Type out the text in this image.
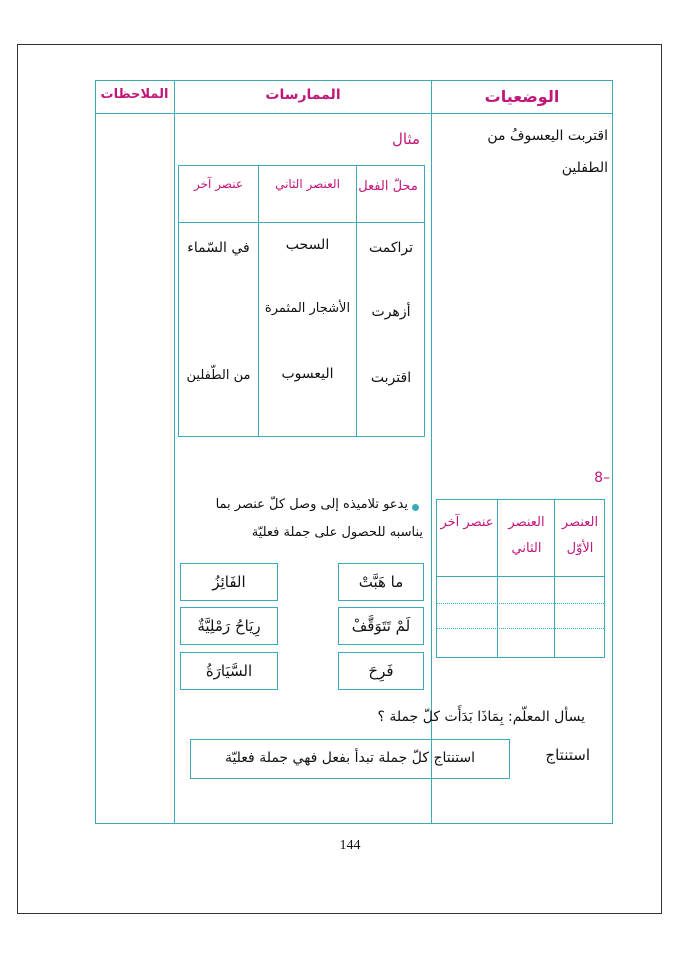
الوضعيات
الممارسات
الملاحظات
اقتربت اليعسوفُ من
الطفلين
مثال
محلّ الفعل
العنصر الثاني
عنصر آخر
تراكمت
السحب
في السّماء
أزهرت
الأشجار المثمرة
اقتربت
اليعسوب
من الطّفلين
8–
العنصر الأوّل
العنصر الثاني
عنصر آخر
يدعو تلاميذه إلى وصل كلّ عنصر بما
يناسبه للحصول على جملة فعليّة
ما هَبَّتْ
لَمْ تَتَوَقَّفْ
فَرِحَ
الفَائِزُ
رِيَاحُ رَمْلِيَّةٌ
السَّيَارَةُ
يسأل المعلّم: بِمَاذَا بَدَأَت كلّ جملة ؟
استنتاج
استنتاج كلّ جملة تبدأ بفعل فهي جملة فعليّة
144
